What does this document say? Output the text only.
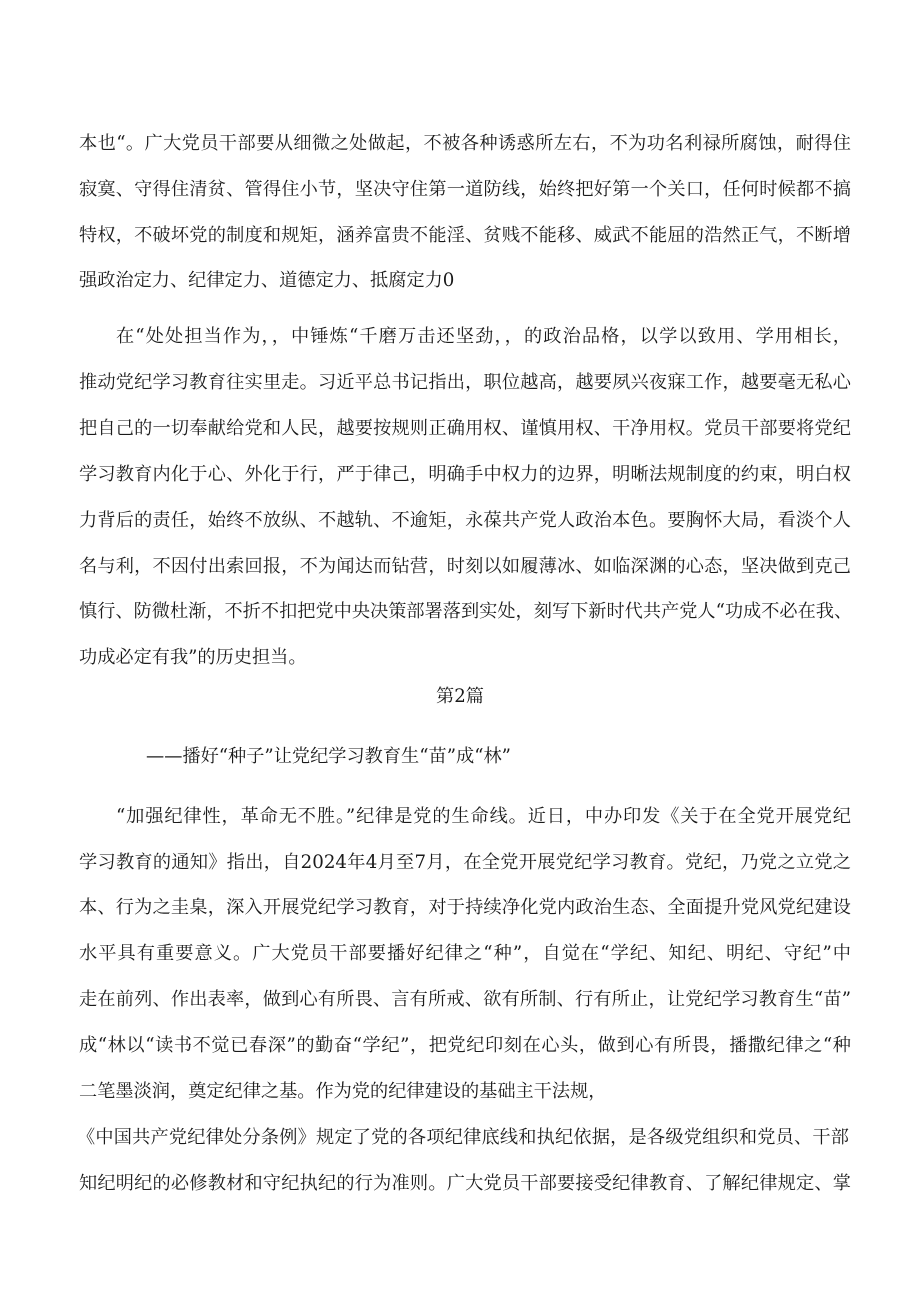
本也“。广大党员干部要从细微之处做起，不被各种诱惑所左右，不为功名利禄所腐蚀，耐得住
寂寞、守得住清贫、管得住小节，坚决守住第一道防线，始终把好第一个关口，任何时候都不搞
特权，不破坏党的制度和规矩，涵养富贵不能淫、贫贱不能移、威武不能屈的浩然正气，不断增
强政治定力、纪律定力、道德定力、抵腐定力0
在“处处担当作为，，中锤炼“千磨万击还坚劲，，的政治品格，以学以致用、学用相长，
推动党纪学习教育往实里走。习近平总书记指出，职位越高，越要夙兴夜寐工作，越要毫无私心
把自己的一切奉献给党和人民，越要按规则正确用权、谨慎用权、干净用权。党员干部要将党纪
学习教育内化于心、外化于行，严于律己，明确手中权力的边界，明晰法规制度的约束，明白权
力背后的责任，始终不放纵、不越轨、不逾矩，永葆共产党人政治本色。要胸怀大局，看淡个人
名与利，不因付出索回报，不为闻达而钻营，时刻以如履薄冰、如临深渊的心态，坚决做到克己
慎行、防微杜渐，不折不扣把党中央决策部署落到实处，刻写下新时代共产党人“功成不必在我、
功成必定有我”的历史担当。
第2篇
——播好“种子”让党纪学习教育生“苗”成“林”
“加强纪律性，革命无不胜。”纪律是党的生命线。近日，中办印发《关于在全党开展党纪
学习教育的通知》指出，自2024年4月至7月，在全党开展党纪学习教育。党纪，乃党之立党之
本、行为之圭臬，深入开展党纪学习教育，对于持续净化党内政治生态、全面提升党风党纪建设
水平具有重要意义。广大党员干部要播好纪律之“种”，自觉在“学纪、知纪、明纪、守纪”中
走在前列、作出表率，做到心有所畏、言有所戒、欲有所制、行有所止，让党纪学习教育生“苗”
成“林以“读书不觉已春深”的勤奋“学纪”，把党纪印刻在心头，做到心有所畏，播撒纪律之“种
二笔墨淡润，奠定纪律之基。作为党的纪律建设的基础主干法规，
《中国共产党纪律处分条例》规定了党的各项纪律底线和执纪依据，是各级党组织和党员、干部
知纪明纪的必修教材和守纪执纪的行为准则。广大党员干部要接受纪律教育、了解纪律规定、掌
